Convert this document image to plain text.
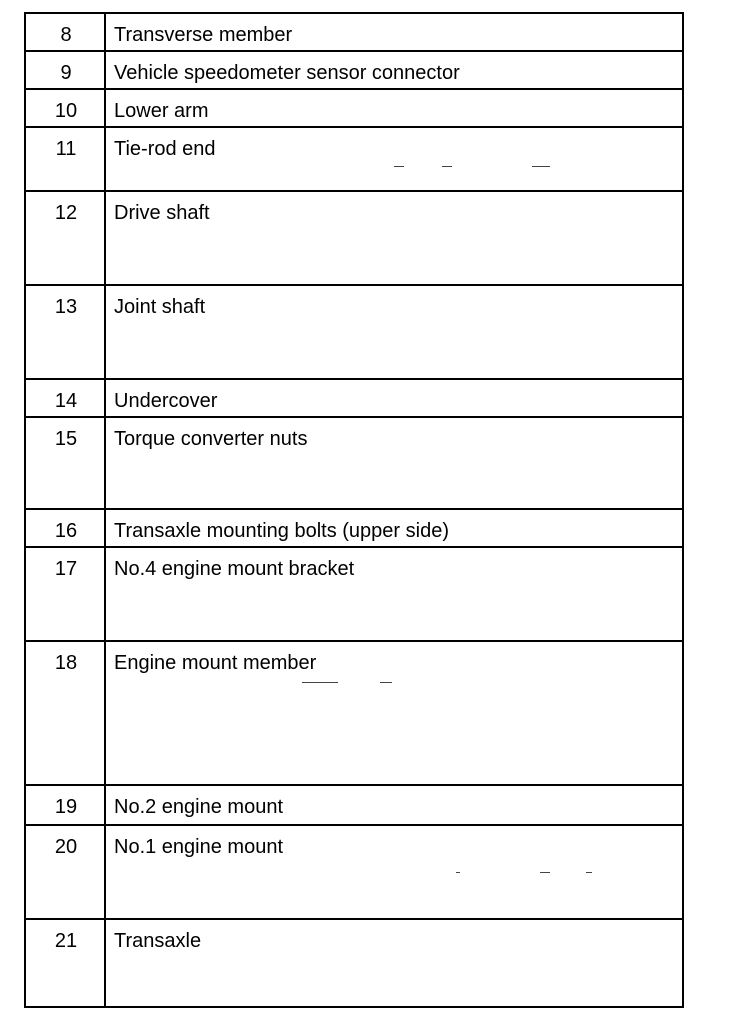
8	Transverse member
9	Vehicle speedometer sensor connector
10	Lower arm
11	Tie-rod end
12	Drive shaft
13	Joint shaft
14	Undercover
15	Torque converter nuts
16	Transaxle mounting bolts (upper side)
17	No.4 engine mount bracket
18	Engine mount member
19	No.2 engine mount
20	No.1 engine mount
21	Transaxle
